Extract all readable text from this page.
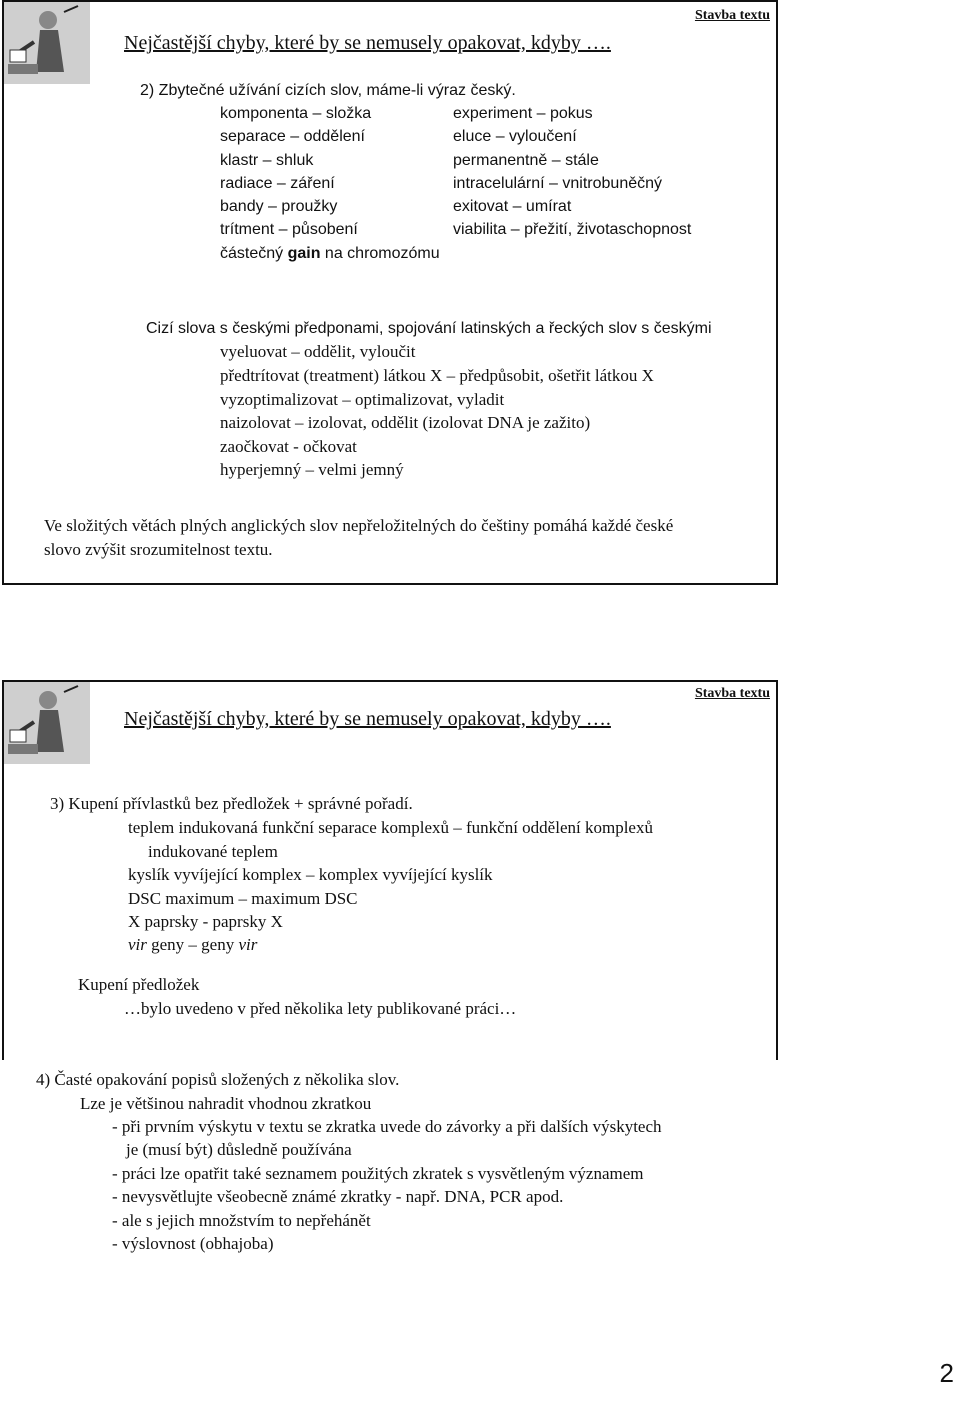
Nejčastější chyby, které by se nemusely opakovat, kdyby ….
Stavba textu
2) Zbytečné užívání cizích slov, máme-li výraz český.
komponenta – složka	experiment – pokus
separace – oddělení	eluce – vyloučení
klastr – shluk	permanentně – stále
radiace – záření	intracelulární – vnitrobuněčný
bandy – proužky	exitovat – umírat
trítment – působení	viabilita – přežití, životaschopnost
částečný gain na chromozómu
Cizí slova s českými předponami, spojování latinských a řeckých slov s českými
vyeluovat – oddělit, vyloučit
předtrítovat (treatment) látkou X – předpůsobit, ošetřit látkou X
vyzoptimalizovat – optimalizovat, vyladit
naizolovat – izolovat, oddělit (izolovat DNA je zažito)
zaočkovat - očkovat
hyperjemný – velmi jemný
Ve složitých větách plných anglických slov nepřeložitelných do češtiny pomáhá každé české
slovo zvýšit srozumitelnost textu.
Nejčastější chyby, které by se nemusely opakovat, kdyby ….
Stavba textu
3) Kupení přívlastků bez předložek + správné pořadí.
teplem indukovaná funkční separace komplexů – funkční oddělení komplexů
indukované teplem
kyslík vyvíjející komplex – komplex vyvíjející kyslík
DSC maximum – maximum DSC
X paprsky - paprsky X
vir geny – geny vir
Kupení předložek
…bylo uvedeno v před několika lety publikované práci…
4) Časté opakování popisů složených z několika slov.
Lze je většinou nahradit vhodnou zkratkou
- při prvním výskytu v textu se zkratka uvede do závorky a při dalších výskytech
je (musí být) důsledně používána
- práci lze opatřit také seznamem použitých zkratek s vysvětleným významem
- nevysvětlujte všeobecně známé zkratky - např. DNA, PCR apod.
- ale s jejich množstvím to nepřehánět
- výslovnost (obhajoba)
2
